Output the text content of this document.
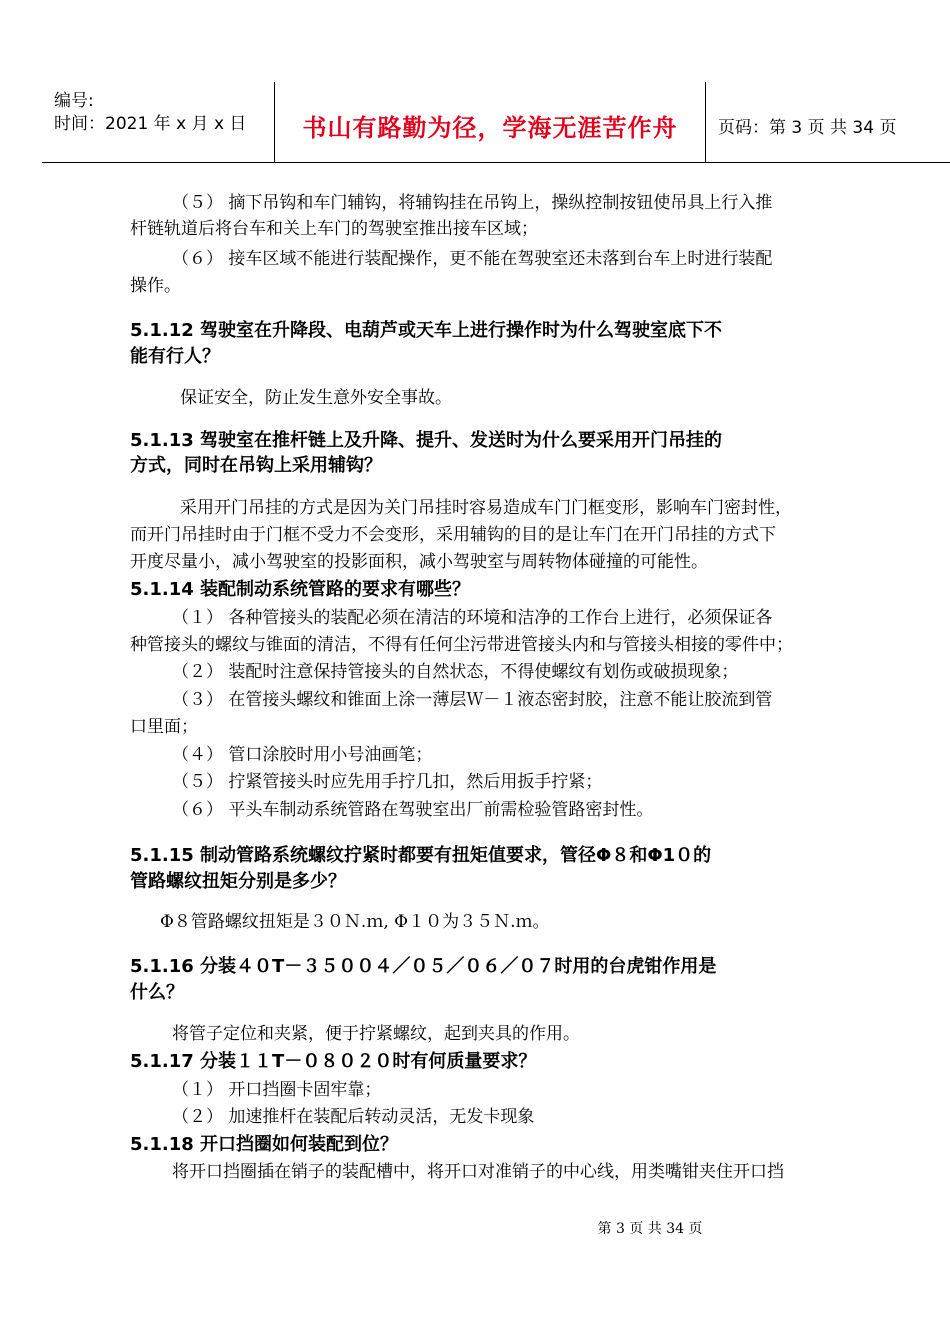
编号:
时间：2021 年 x 月 x 日	书山有路勤为径，学海无涯苦作舟	页码：第 3 页 共 34 页
（５） 摘下吊钩和车门辅钩，将辅钩挂在吊钩上，操纵控制按钮使吊具上行入推
杆链轨道后将台车和关上车门的驾驶室推出接车区域；
（６） 接车区域不能进行装配操作，更不能在驾驶室还未落到台车上时进行装配
操作。
5.1.12 驾驶室在升降段、电葫芦或天车上进行操作时为什么驾驶室底下不
能有行人？
保证安全，防止发生意外安全事故。
5.1.13 驾驶室在推杆链上及升降、提升、发送时为什么要采用开门吊挂的
方式，同时在吊钩上采用辅钩？
采用开门吊挂的方式是因为关门吊挂时容易造成车门门框变形，影响车门密封性，
而开门吊挂时由于门框不受力不会变形，采用辅钩的目的是让车门在开门吊挂的方式下
开度尽量小，减小驾驶室的投影面积，减小驾驶室与周转物体碰撞的可能性。
5.1.14 装配制动系统管路的要求有哪些？
（１） 各种管接头的装配必须在清洁的环境和洁净的工作台上进行，必须保证各
种管接头的螺纹与锥面的清洁，不得有任何尘污带进管接头内和与管接头相接的零件中；
（２） 装配时注意保持管接头的自然状态，不得使螺纹有划伤或破损现象；
（３） 在管接头螺纹和锥面上涂一薄层Ｗ－１液态密封胶，注意不能让胶流到管
口里面；
（４） 管口涂胶时用小号油画笔；
（５） 拧紧管接头时应先用手拧几扣，然后用扳手拧紧；
（６） 平头车制动系统管路在驾驶室出厂前需检验管路密封性。
5.1.15 制动管路系统螺纹拧紧时都要有扭矩值要求，管径Φ８和Φ1０的
管路螺纹扭矩分别是多少？
Φ８管路螺纹扭矩是３０Ｎ.ｍ, Φ１０为３５Ｎ.ｍ。
5.1.16 分装４０T－３５００４／０５／０６／０７时用的台虎钳作用是
什么？
将管子定位和夹紧，便于拧紧螺纹，起到夹具的作用。
5.1.17 分装１１T－０８０２０时有何质量要求？
（１） 开口挡圈卡固牢靠；
（２） 加速推杆在装配后转动灵活，无发卡现象
5.1.18 开口挡圈如何装配到位？
将开口挡圈插在销子的装配槽中，将开口对准销子的中心线，用类嘴钳夹住开口挡
第 3 页 共 34 页
